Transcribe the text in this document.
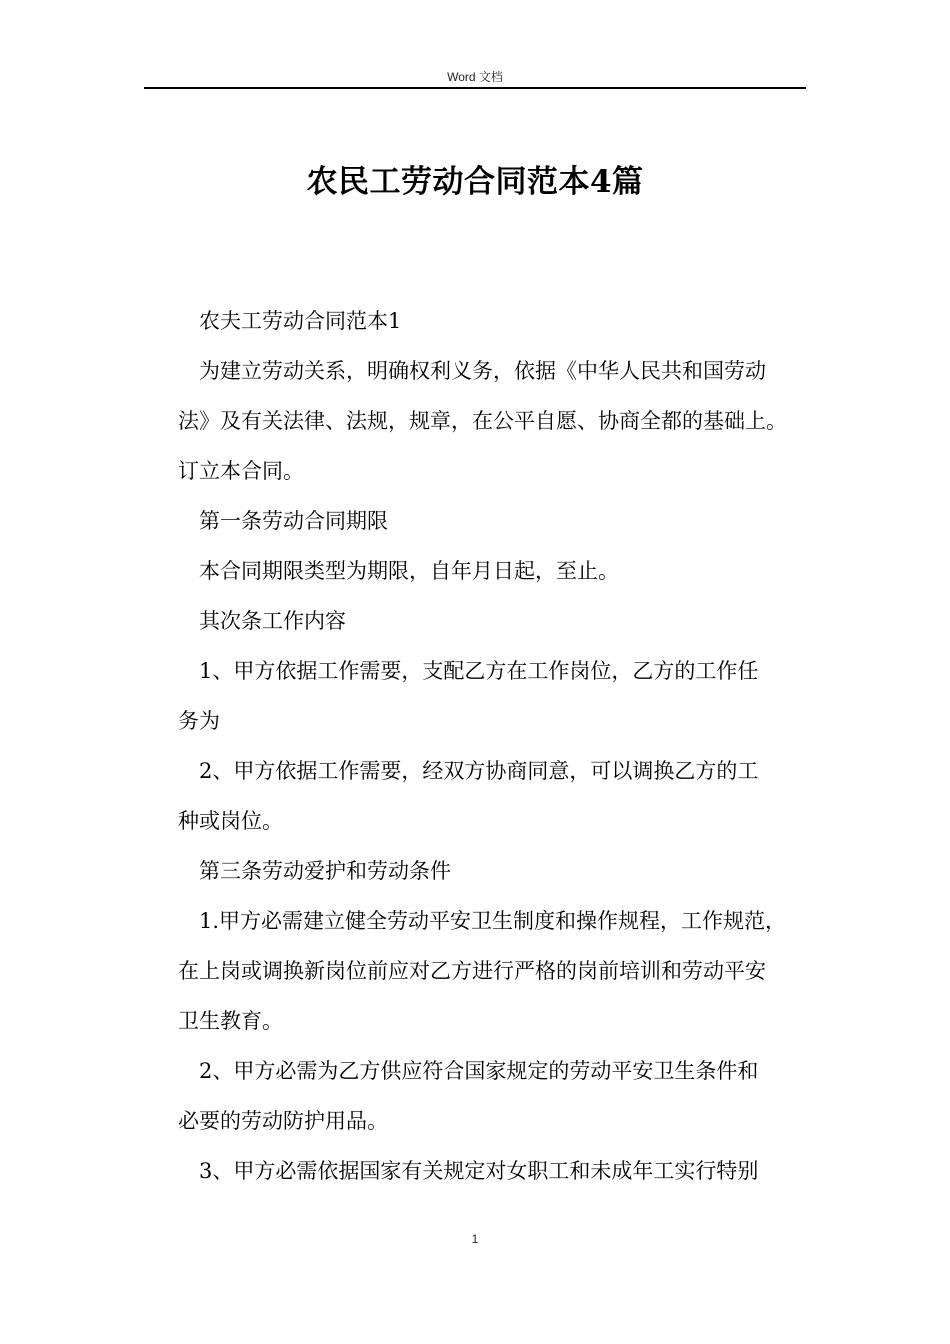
Word 文档
农民工劳动合同范本4篇

农夫工劳动合同范本1

为建立劳动关系，明确权利义务，依据《中华人民共和国劳动
法》及有关法律、法规，规章，在公平自愿、协商全都的基础上。
订立本合同。

第一条劳动合同期限

本合同期限类型为期限，自年月日起，至止。

其次条工作内容

1、甲方依据工作需要，支配乙方在工作岗位，乙方的工作任
务为

2、甲方依据工作需要，经双方协商同意，可以调换乙方的工
种或岗位。

第三条劳动爱护和劳动条件

1.甲方必需建立健全劳动平安卫生制度和操作规程，工作规范，
在上岗或调换新岗位前应对乙方进行严格的岗前培训和劳动平安
卫生教育。

2、甲方必需为乙方供应符合国家规定的劳动平安卫生条件和
必要的劳动防护用品。

3、甲方必需依据国家有关规定对女职工和未成年工实行特别

1
